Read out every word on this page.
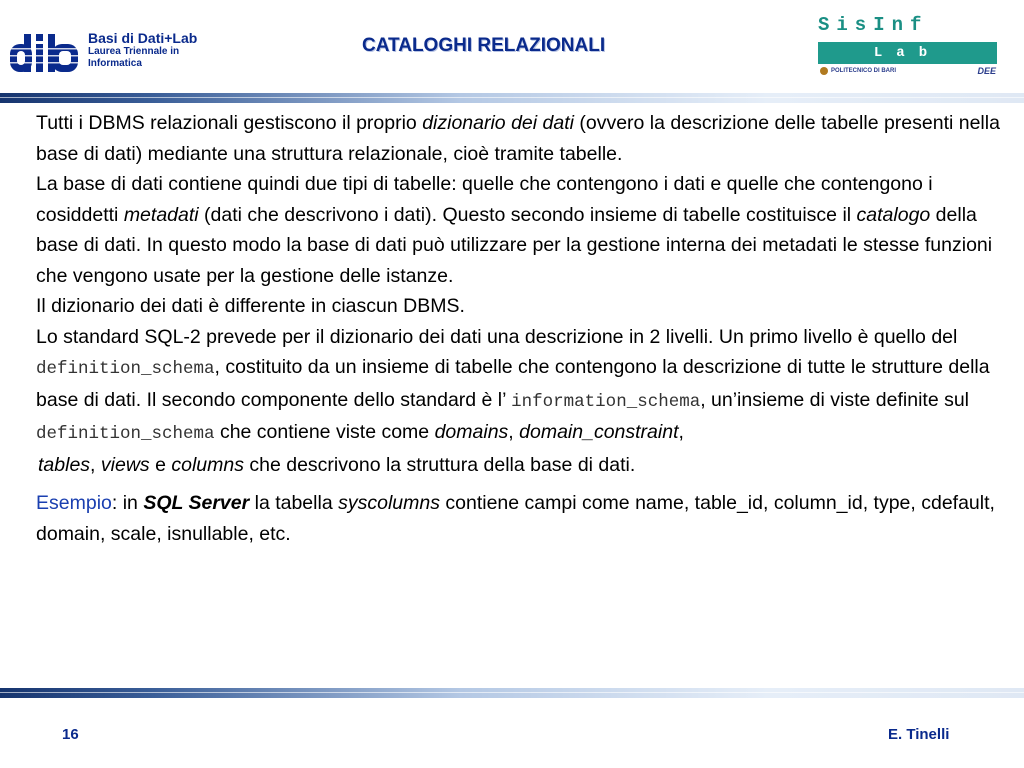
Basi di Dati+Lab
Laurea Triennale in
Informatica
CATALOGHI RELAZIONALI
SisInf
Lab
POLITECNICO DI BARI	DEE

Tutti i DBMS relazionali gestiscono il proprio dizionario dei dati (ovvero la descrizione delle tabelle presenti nella base di dati) mediante una struttura relazionale, cioè tramite tabelle.

La base di dati contiene quindi due tipi di tabelle: quelle che contengono i dati e quelle che contengono i cosiddetti metadati (dati che descrivono i dati). Questo secondo insieme di tabelle costituisce il catalogo della base di dati. In questo modo la base di dati può utilizzare per la gestione interna dei metadati le stesse funzioni che vengono usate per la gestione delle istanze.

Il dizionario dei dati è differente in ciascun DBMS.

Lo standard SQL-2 prevede per il dizionario dei dati una descrizione in 2 livelli. Un primo livello è quello del definition_schema, costituito da un insieme di tabelle che contengono la descrizione di tutte le strutture della base di dati. Il secondo componente dello standard è l’ information_schema, un’insieme di viste definite sul definition_schema che contiene viste come domains, domain_constraint,
tables, views e columns che descrivono la struttura della base di dati.

Esempio: in SQL Server la tabella syscolumns contiene campi come name, table_id, column_id, type, cdefault, domain, scale, isnullable, etc.

16	E. Tinelli
